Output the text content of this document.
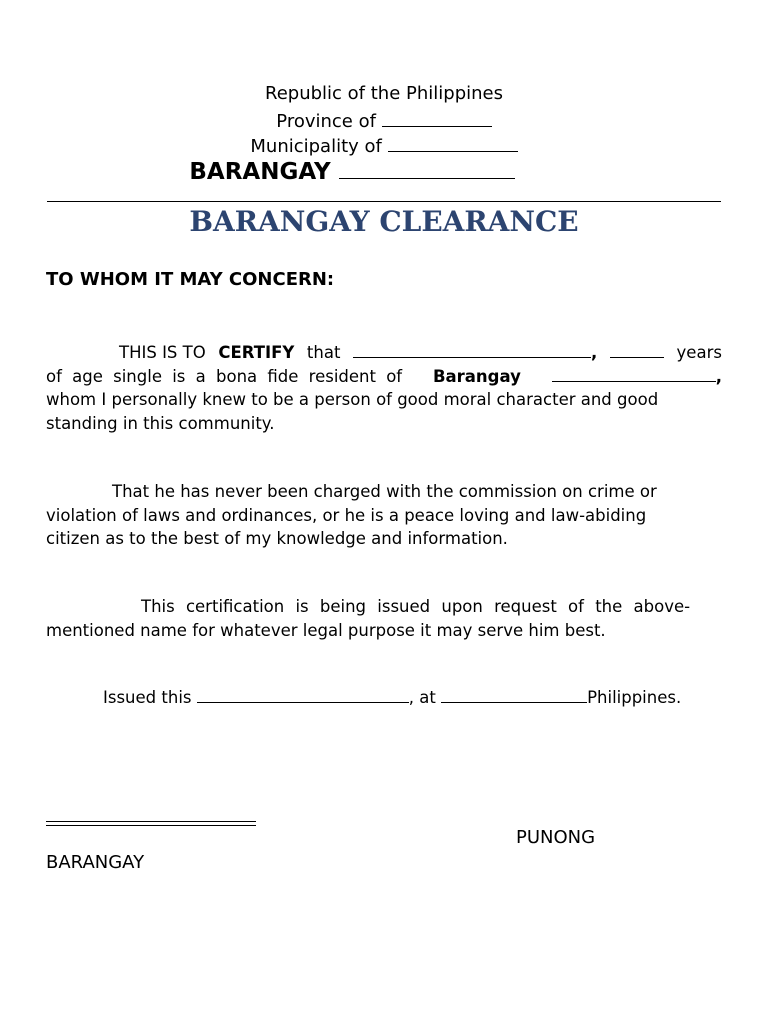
Republic of the Philippines
Province of
Municipality of
BARANGAY
BARANGAY CLEARANCE
TO WHOM IT MAY CONCERN:
THIS IS TO CERTIFY that	,	years
of age single is a bona fide resident of Barangay	,
whom I personally knew to be a person of good moral character and good
standing in this community.
That he has never been charged with the commission on crime or
violation of laws and ordinances, or he is a peace loving and law-abiding
citizen as to the best of my knowledge and information.
This certification is being issued upon request of the above-
mentioned name for whatever legal purpose it may serve him best.
Issued this	, at	Philippines.
PUNONG
BARANGAY
